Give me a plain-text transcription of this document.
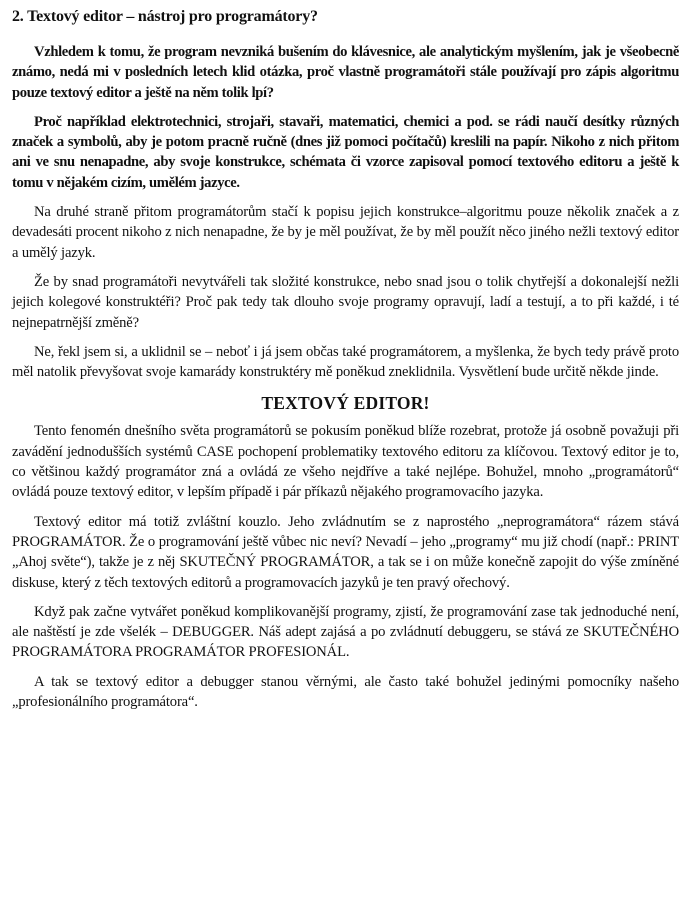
2. Textový editor – nástroj pro programátory?

Vzhledem k tomu, že program nevzniká bušením do klávesnice, ale analytickým myšlením, jak je všeobecně známo, nedá mi v posledních letech klid otázka, proč vlastně programátoři stále používají pro zápis algoritmu pouze textový editor a ještě na něm tolik lpí?

Proč například elektrotechnici, strojaři, stavaři, matematici, chemici a pod. se rádi naučí desítky různých značek a symbolů, aby je potom pracně ručně (dnes již pomoci počítačů) kreslili na papír. Nikoho z nich přitom ani ve snu nenapadne, aby svoje konstrukce, schémata či vzorce zapisoval pomocí textového editoru a ještě k tomu v nějakém cizím, umělém jazyce.

Na druhé straně přitom programátorům stačí k popisu jejich konstrukce–algoritmu pouze několik značek a z devadesáti procent nikoho z nich nenapadne, že by je měl používat, že by měl použít něco jiného nežli textový editor a umělý jazyk.

Že by snad programátoři nevytvářeli tak složité konstrukce, nebo snad jsou o tolik chytřejší a dokonalejší nežli jejich kolegové konstruktéři? Proč pak tedy tak dlouho svoje programy opravují, ladí a testují, a to při každé, i té nejnepatrnější změně?

Ne, řekl jsem si, a uklidnil se – neboť i já jsem občas také programátorem, a myšlenka, že bych tedy právě proto měl natolik převyšovat svoje kamarády konstruktéry mě poněkud zneklidnila. Vysvětlení bude určitě někde jinde.

TEXTOVÝ EDITOR!

Tento fenomén dnešního světa programátorů se pokusím poněkud blíže rozebrat, protože já osobně považuji při zavádění jednodušších systémů CASE pochopení problematiky textového editoru za klíčovou. Textový editor je to, co většinou každý programátor zná a ovládá ze všeho nejdříve a také nejlépe. Bohužel, mnoho „programátorů“ ovládá pouze textový editor, v lepším případě i pár příkazů nějakého programovacího jazyka.

Textový editor má totiž zvláštní kouzlo. Jeho zvládnutím se z naprostého „neprogramátora“ rázem stává PROGRAMÁTOR. Že o programování ještě vůbec nic neví? Nevadí – jeho „programy“ mu již chodí (např.: PRINT „Ahoj světe“), takže je z něj SKUTEČNÝ PROGRAMÁTOR, a tak se i on může konečně zapojit do výše zmíněné diskuse, který z těch textových editorů a programovacích jazyků je ten pravý ořechový.

Když pak začne vytvářet poněkud komplikovanější programy, zjistí, že programování zase tak jednoduché není, ale naštěstí je zde všelék – DEBUGGER. Náš adept zajásá a po zvládnutí debuggeru, se stává ze SKUTEČNÉHO PROGRAMÁTORA PROGRAMÁTOR PROFESIONÁL.

A tak se textový editor a debugger stanou věrnými, ale často také bohužel jedinými pomocníky našeho „profesionálního programátora“.
